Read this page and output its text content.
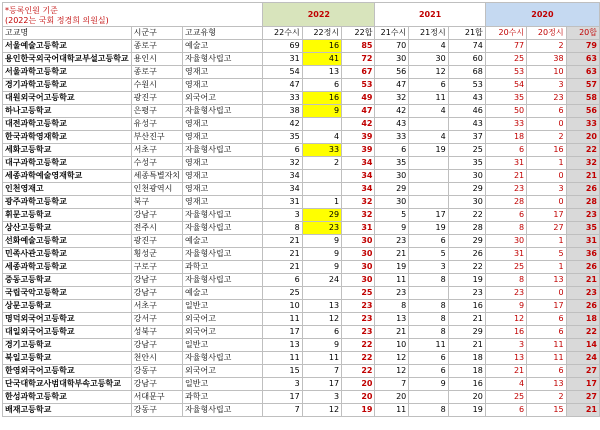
*등록인원 기준
(2022는 국회 정경희 의원실)			2022			2021			2020		
고교명	시군구	고교유형	22수시	22정시	22합	21수시	21정시	21합	20수시	20정시	20합
서울예술고등학교	종로구	예술고	69	16	85	70	4	74	77	2	79
용인한국외국어대학교부설고등학교	용인시	자율형사립고	31	41	72	30	30	60	25	38	63
서울과학고등학교	종로구	영재고	54	13	67	56	12	68	53	10	63
경기과학고등학교	수원시	영재고	47	6	53	47	6	53	54	3	57
대원외국어고등학교	광진구	외국어고	33	16	49	32	11	43	35	23	58
하나고등학교	은평구	자율형사립고	38	9	47	42	4	46	50	6	56
대전과학고등학교	유성구	영재고	42		42	43		43	33	0	33
한국과학영재학교	부산진구	영재고	35	4	39	33	4	37	18	2	20
세화고등학교	서초구	자율형사립고	6	33	39	6	19	25	6	16	22
대구과학고등학교	수성구	영재고	32	2	34	35		35	31	1	32
세종과학예술영재학교	세종특별자치	영재고	34		34	30		30	21	0	21
인천영재고	인천광역시	영재고	34		34	29		29	23	3	26
광주과학고등학교	북구	영재고	31	1	32	30		30	28	0	28
휘문고등학교	강남구	자율형사립고	3	29	32	5	17	22	6	17	23
상산고등학교	전주시	자율형사립고	8	23	31	9	19	28	8	27	35
선화예술고등학교	광진구	예술고	21	9	30	23	6	29	30	1	31
민족사관고등학교	횡성군	자율형사립고	21	9	30	21	5	26	31	5	36
세종과학고등학교	구로구	과학고	21	9	30	19	3	22	25	1	26
중동고등학교	강남구	자율형사립고	6	24	30	11	8	19	8	13	21
국립국악고등학교	강남구	예술고	25		25	23		23	23	0	23
상문고등학교	서초구	일반고	10	13	23	8	8	16	9	17	26
명덕외국어고등학교	강서구	외국어고	11	12	23	13	8	21	12	6	18
대일외국어고등학교	성북구	외국어고	17	6	23	21	8	29	16	6	22
경기고등학교	강남구	일반고	13	9	22	10	11	21	3	11	14
북일고등학교	천안시	자율형사립고	11	11	22	12	6	18	13	11	24
한영외국어고등학교	강동구	외국어고	15	7	22	12	6	18	21	6	27
단국대학교사범대학부속고등학교	강남구	일반고	3	17	20	7	9	16	4	13	17
한성과학고등학교	서대문구	과학고	17	3	20	20		20	25	2	27
배재고등학교	강동구	자율형사립고	7	12	19	11	8	19	6	15	21
